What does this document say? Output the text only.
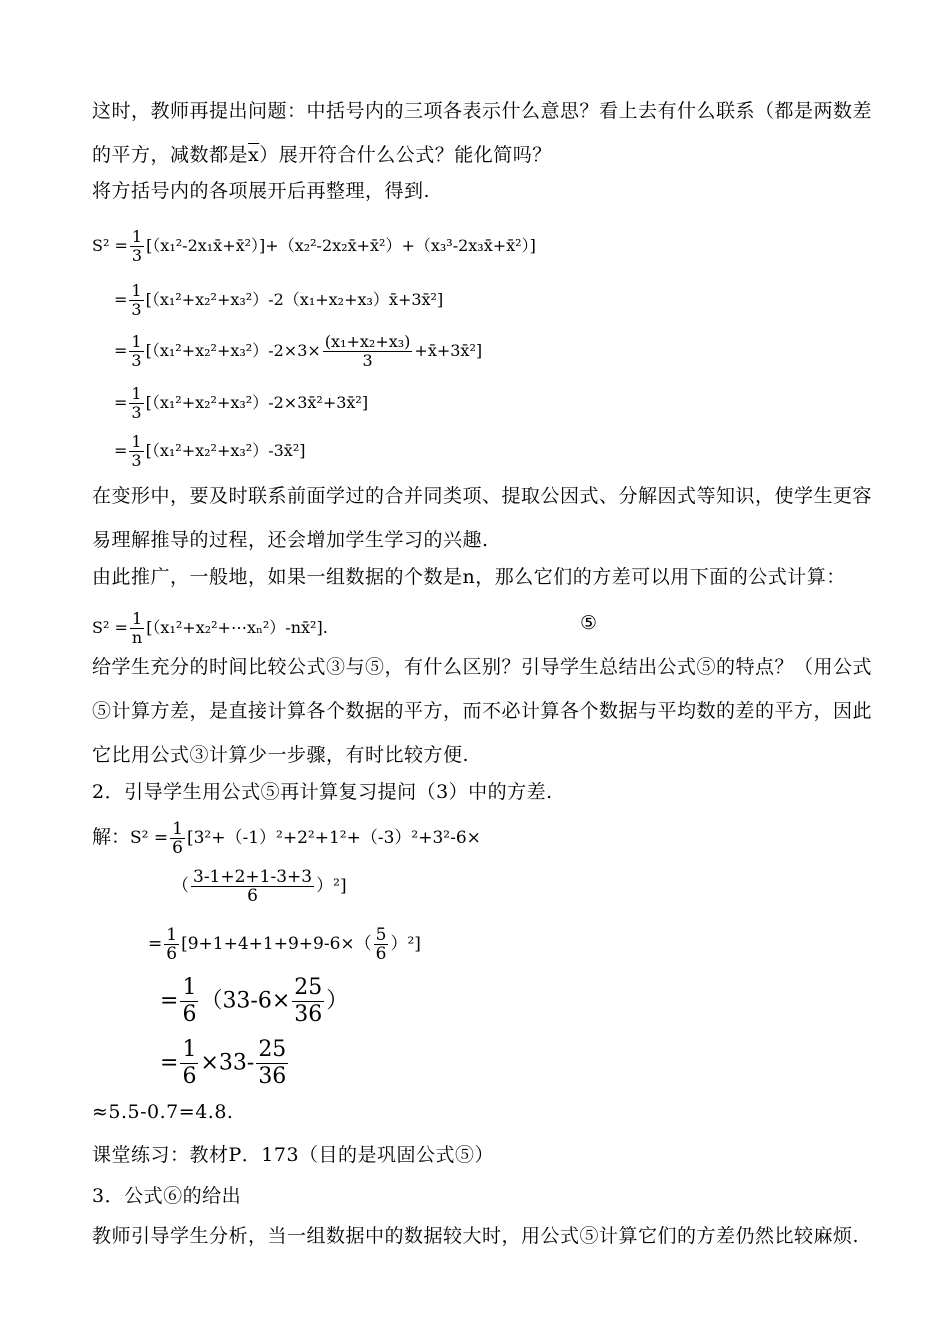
这时，教师再提出问题：中括号内的三项各表示什么意思？看上去有什么联系（都是两数差
的平方，减数都是$\overline{x}$）展开符合什么公式？能化简吗？
将方括号内的各项展开后再整理，得到.
$S^2 = \frac{1}{3}$ [（x₁²-2x₁x̄+x̄²）]+（x₂²-2x₂x̄+x̄²）+（x₃³-2x₃x̄+x̄²）]
= $\frac{1}{3}$ [（x₁²+x₂²+x₃²）-2（x₁+x₂+x₃）x̄+3x̄²]
= $\frac{1}{3} [(x_1^2+x_2^2+x_3^2)-2\times 3\times \frac{\text{(x₁+x₂+x₃)}}{3}$ +x̄+3x̄²]
= $\frac{1}{3}$ [（x₁²+x₂²+x₃²）-2×3x̄²+3x̄²]
= $\frac{1}{3}$ [（x₁²+x₂²+x₃²）-3x̄²]
在变形中，要及时联系前面学过的合并同类项、提取公因式、分解因式等知识，使学生更容
易理解推导的过程，还会增加学生学习的兴趣.
由此推广，一般地，如果一组数据的个数是n，那么它们的方差可以用下面的公式计算：
$S^2 = \frac{1}{n}$ [（x₁²+x₂²+⋯xₙ²）-nx̄²].	⑤
给学生充分的时间比较公式③与⑤，有什么区别？引导学生总结出公式⑤的特点？（用公式
⑤计算方差，是直接计算各个数据的平方，而不必计算各个数据与平均数的差的平方，因此
它比用公式③计算少一步骤，有时比较方便.
2．引导学生用公式⑤再计算复习提问（3）中的方差.
解：$S^2 = \frac{1}{6} [3^2+(-1)^2+2^2+1^2+(-3)^2+3^2-6\times$
（ $\frac{3-1+2+1-3+3}{6} )^2$]
= $\frac{1}{6} [9+1+4+1+9+9-6\times( \frac{5}{6} )^2]$
= $\frac{1}{6} (33-6\times \frac{25}{36}$ ）
= $\frac{1}{6} \times 33- \frac{25}{36}$
≈5.5-0.7=4.8.
课堂练习：教材P．173（目的是巩固公式⑤）
3．公式⑥的给出
教师引导学生分析，当一组数据中的数据较大时，用公式⑤计算它们的方差仍然比较麻烦.
